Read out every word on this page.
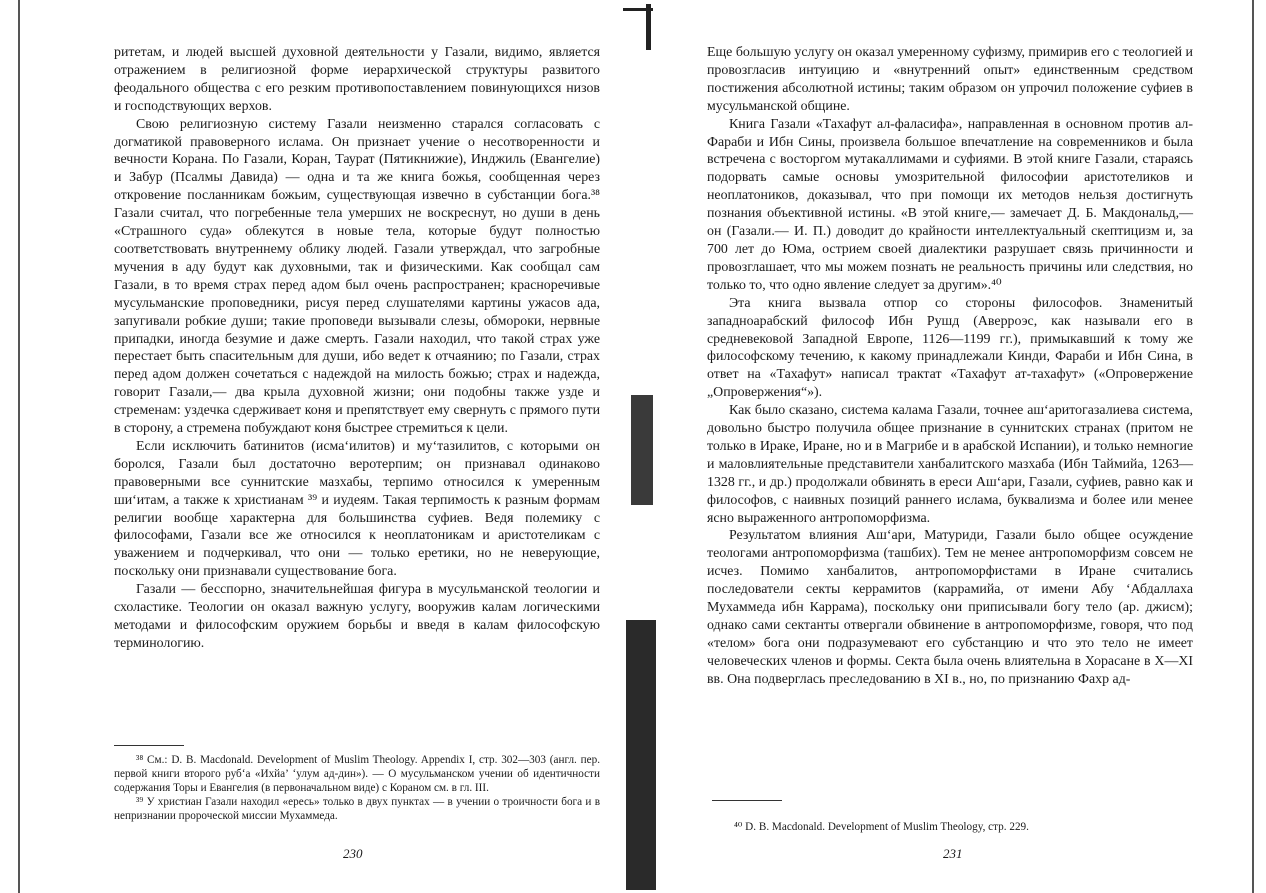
ритетам, и людей высшей духовной деятельности у Газали, видимо, является отражением в религиозной форме иерархической структуры развитого феодального общества с его резким противопоставлением повинующихся низов и господствующих верхов.

Свою религиозную систему Газали неизменно старался согласовать с догматикой правоверного ислама. Он признает учение о несотворенности и вечности Корана. По Газали, Коран, Таурат (Пятикнижие), Инджиль (Евангелие) и Забур (Псалмы Давида) — одна и та же книга божья, сообщенная через откровение посланникам божьим, существующая извечно в субстанции бога.³⁸ Газали считал, что погребенные тела умерших не воскреснут, но души в день «Страшного суда» облекутся в новые тела, которые будут полностью соответствовать внутреннему облику людей. Газали утверждал, что загробные мучения в аду будут как духовными, так и физическими. Как сообщал сам Газали, в то время страх перед адом был очень распространен; красноречивые мусульманские проповедники, рисуя перед слушателями картины ужасов ада, запугивали робкие души; такие проповеди вызывали слезы, обмороки, нервные припадки, иногда безумие и даже смерть. Газали находил, что такой страх уже перестает быть спасительным для души, ибо ведет к отчаянию; по Газали, страх перед адом должен сочетаться с надеждой на милость божью; страх и надежда, говорит Газали,— два крыла духовной жизни; они подобны также узде и стременам: уздечка сдерживает коня и препятствует ему свернуть с прямого пути в сторону, а стремена побуждают коня быстрее стремиться к цели.

Если исключить батинитов (исма‘илитов) и му‘тазилитов, с которыми он боролся, Газали был достаточно веротерпим; он признавал одинаково правоверными все суннитские мазхабы, терпимо относился к умеренным ши‘итам, а также к христианам ³⁹ и иудеям. Такая терпимость к разным формам религии вообще характерна для большинства суфиев. Ведя полемику с философами, Газали все же относился к неоплатоникам и аристотеликам с уважением и подчеркивал, что они — только еретики, но не неверующие, поскольку они признавали существование бога.

Газали — бесспорно, значительнейшая фигура в мусульманской теологии и схоластике. Теологии он оказал важную услугу, вооружив калам логическими методами и философским оружием борьбы и введя в калам философскую терминологию.

³⁸ См.: D. B. Macdonald. Development of Muslim Theology. Appendix I, стр. 302—303 (англ. пер. первой книги второго руб‘а «Ихйа’ ‘улум ад-дин»). — О мусульманском учении об идентичности содержания Торы и Евангелия (в первоначальном виде) с Кораном см. в гл. III.

³⁹ У христиан Газали находил «ересь» только в двух пунктах — в учении о троичности бога и в непризнании пророческой миссии Мухаммеда.

230

Еще большую услугу он оказал умеренному суфизму, примирив его с теологией и провозгласив интуицию и «внутренний опыт» единственным средством постижения абсолютной истины; таким образом он упрочил положение суфиев в мусульманской общине.

Книга Газали «Тахафут ал-фаласифа», направленная в основном против ал-Фараби и Ибн Сины, произвела большое впечатление на современников и была встречена с восторгом мутакаллимами и суфиями. В этой книге Газали, стараясь подорвать самые основы умозрительной философии аристотеликов и неоплатоников, доказывал, что при помощи их методов нельзя достигнуть познания объективной истины. «В этой книге,— замечает Д. Б. Макдональд,— он (Газали.— И. П.) доводит до крайности интеллектуальный скептицизм и, за 700 лет до Юма, острием своей диалектики разрушает связь причинности и провозглашает, что мы можем познать не реальность причины или следствия, но только то, что одно явление следует за другим».⁴⁰

Эта книга вызвала отпор со стороны философов. Знаменитый западноарабский философ Ибн Рушд (Аверроэс, как называли его в средневековой Западной Европе, 1126—1199 гг.), примыкавший к тому же философскому течению, к какому принадлежали Кинди, Фараби и Ибн Сина, в ответ на «Тахафут» написал трактат «Тахафут ат-тахафут» («Опровержение „Опровержения“»).

Как было сказано, система калама Газали, точнее аш‘аритогазалиева система, довольно быстро получила общее признание в суннитских странах (притом не только в Ираке, Иране, но и в Магрибе и в арабской Испании), и только немногие и маловлиятельные представители ханбалитского мазхаба (Ибн Таймийа, 1263—1328 гг., и др.) продолжали обвинять в ереси Аш‘ари, Газали, суфиев, равно как и философов, с наивных позиций раннего ислама, буквализма и более или менее ясно выраженного антропоморфизма.

Результатом влияния Аш‘ари, Матуриди, Газали было общее осуждение теологами антропоморфизма (ташбих). Тем не менее антропоморфизм совсем не исчез. Помимо ханбалитов, антропоморфистами в Иране считались последователи секты керрамитов (каррамийа, от имени Абу ‘Абдаллаха Мухаммеда ибн Каррама), поскольку они приписывали богу тело (ар. джисм); однако сами сектанты отвергали обвинение в антропоморфизме, говоря, что под «телом» бога они подразумевают его субстанцию и что это тело не имеет человеческих членов и формы. Секта была очень влиятельна в Хорасане в X—XI вв. Она подверглась преследованию в XI в., но, по признанию Фахр ад-

⁴⁰ D. B. Macdonald. Development of Muslim Theology, стр. 229.

231
